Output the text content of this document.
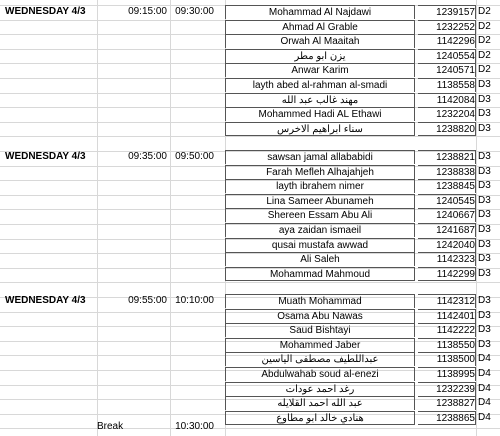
WEDNESDAY 4/3	09:15:00 09:30:00	Mohammad Al Najdawi	1239157 D2
Ahmad Al Grable	1232252 D2
Orwah Al Maaitah	1142296 D2
يزن ابو مطر	1240554 D2
Anwar Karim	1240571 D2
layth abed al-rahman al-smadi	1138558 D3
مهند غالب عبد الله	1142084 D3
Mohammed Hadi AL Ethawi	1232204 D3
سناء ابراهيم الاخرس	1238820 D3
WEDNESDAY 4/3	09:35:00 09:50:00	sawsan jamal allababidi	1238821 D3
Farah Mefleh Alhajahjeh	1238838 D3
layth ibrahem nimer	1238845 D3
Lina Sameer Abunameh	1240545 D3
Shereen Essam Abu Ali	1240667 D3
aya zaidan ismaeil	1241687 D3
qusai mustafa awwad	1242040 D3
Ali Saleh	1142323 D3
Mohammad Mahmoud	1142299 D3
WEDNESDAY 4/3	09:55:00 10:10:00	Muath Mohammad	1142312 D3
Osama Abu Nawas	1142401 D3
Saud Bishtayi	1142222 D3
Mohammed Jaber	1138550 D3
عبداللطيف مصطفى الياسين	1138500 D4
Abdulwahab soud al-enezi	1138995 D4
رغد احمد عودات	1232239 D4
عبد الله احمد القلايله	1238827 D4
هنادي خالد ابو مطاوع	1238865 D4
Break	10:30:00
